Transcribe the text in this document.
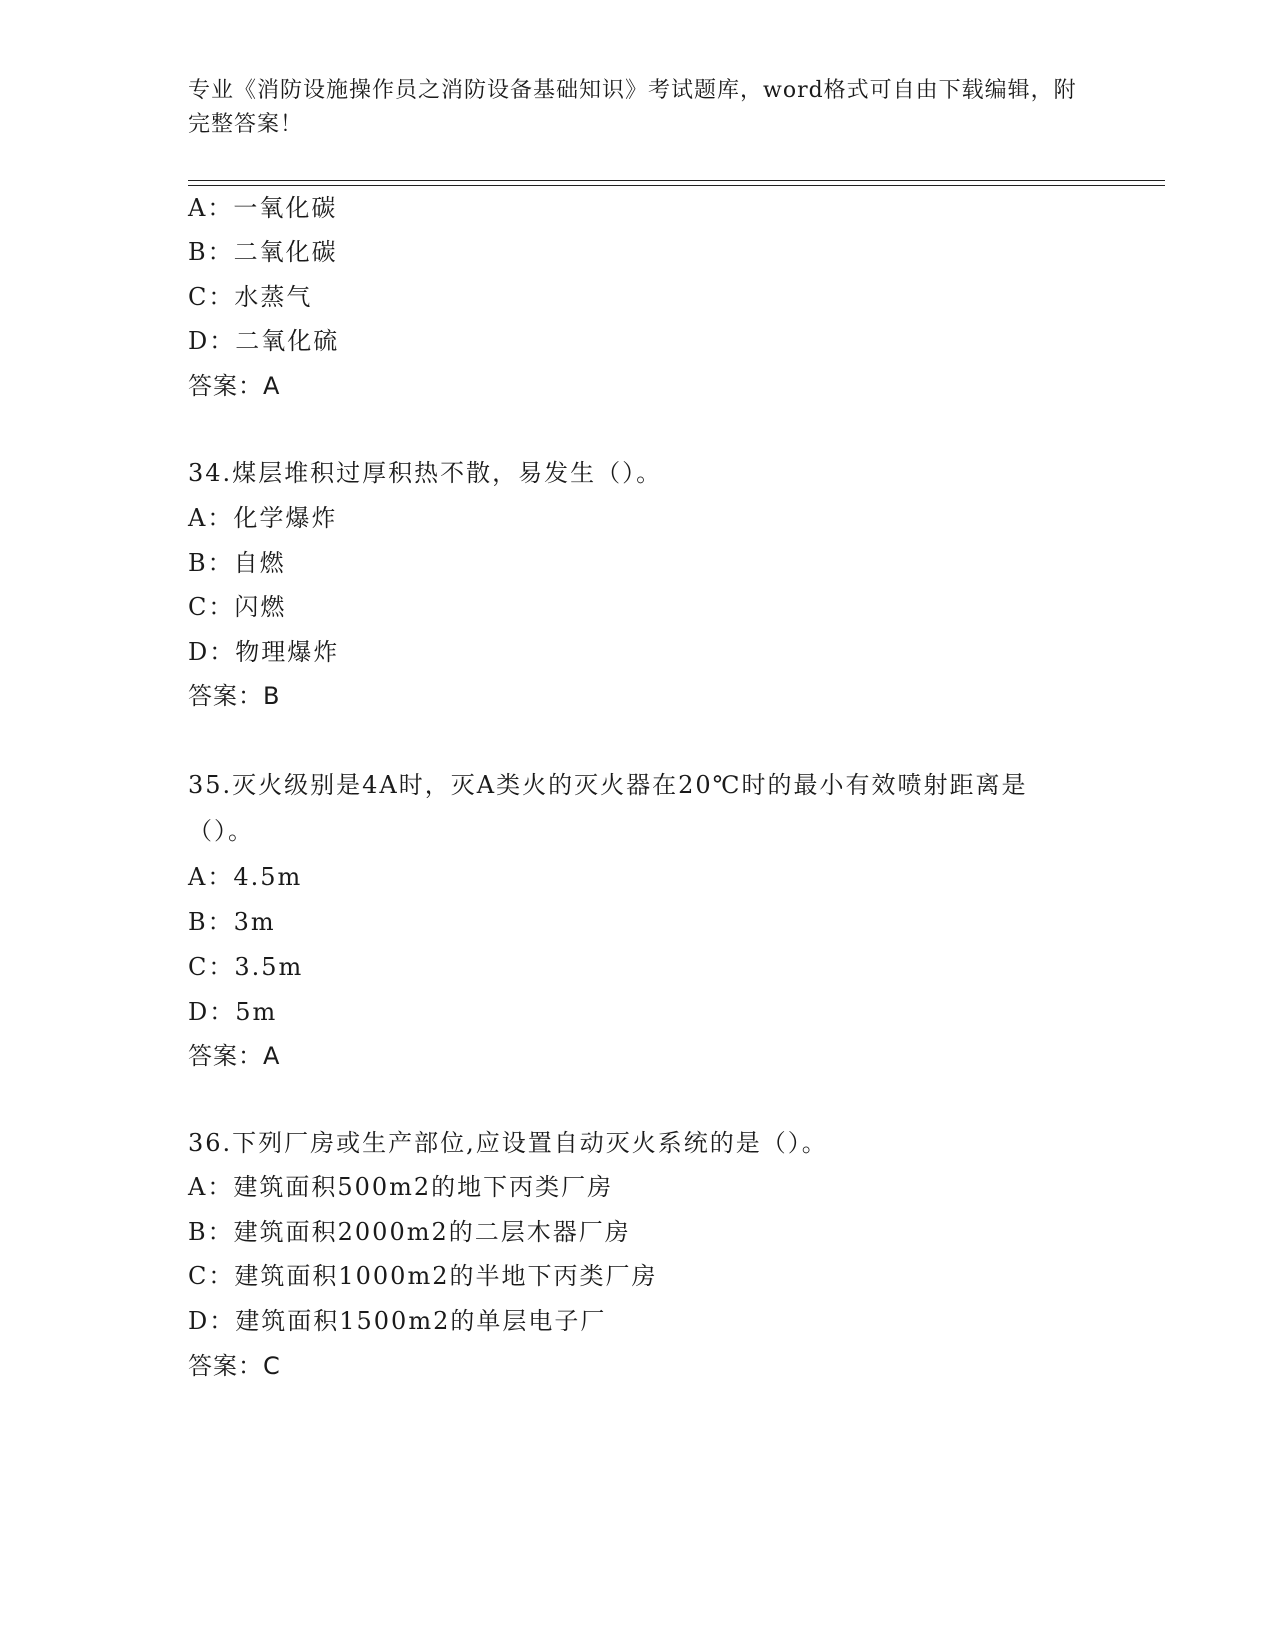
专业《消防设施操作员之消防设备基础知识》考试题库，word格式可自由下载编辑，附完整答案！
A：一氧化碳
B：二氧化碳
C：水蒸气
D：二氧化硫
答案：A
34.煤层堆积过厚积热不散，易发生（）。
A：化学爆炸
B：自燃
C：闪燃
D：物理爆炸
答案：B
35.灭火级别是4A时，灭A类火的灭火器在20℃时的最小有效喷射距离是（）。
A：4.5m
B：3m
C：3.5m
D：5m
答案：A
36.下列厂房或生产部位,应设置自动灭火系统的是（）。
A：建筑面积500m2的地下丙类厂房
B：建筑面积2000m2的二层木器厂房
C：建筑面积1000m2的半地下丙类厂房
D：建筑面积1500m2的单层电子厂
答案：C
